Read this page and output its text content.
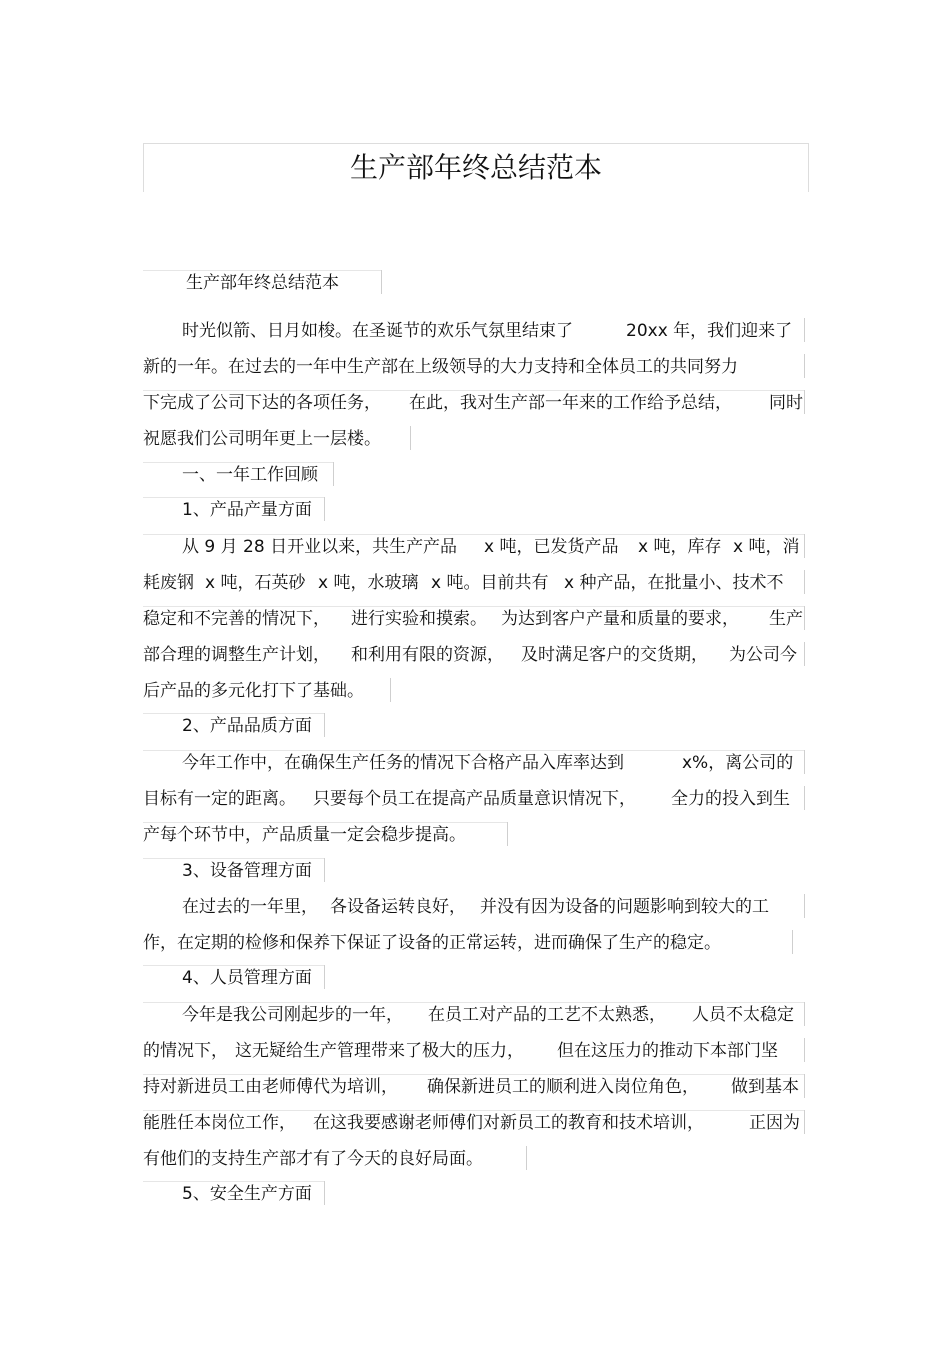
生产部年终总结范本
生产部年终总结范本
时光似箭、日月如梭。在圣诞节的欢乐气氛里结束了	20xx 年，我们迎来了
新的一年。在过去的一年中生产部在上级领导的大力支持和全体员工的共同努力
下完成了公司下达的各项任务， 在此，我对生产部一年来的工作给予总结， 同时
祝愿我们公司明年更上一层楼。
一、一年工作回顾
1、产品产量方面
从 9 月 28 日开业以来，共生产产品 x 吨，已发货产品 x 吨，库存 x 吨，消
耗废钢 x 吨，石英砂 x 吨，水玻璃 x 吨。目前共有 x 种产品，在批量小、技术不
稳定和不完善的情况下， 进行实验和摸索。 为达到客户产量和质量的要求， 生产
部合理的调整生产计划， 和利用有限的资源， 及时满足客户的交货期， 为公司今
后产品的多元化打下了基础。
2、产品品质方面
今年工作中，在确保生产任务的情况下合格产品入库率达到	x%，离公司的
目标有一定的距离。 只要每个员工在提高产品质量意识情况下， 全力的投入到生
产每个环节中，产品质量一定会稳步提高。
3、设备管理方面
在过去的一年里， 各设备运转良好， 并没有因为设备的问题影响到较大的工
作，在定期的检修和保养下保证了设备的正常运转，进而确保了生产的稳定。
4、人员管理方面
今年是我公司刚起步的一年， 在员工对产品的工艺不太熟悉， 人员不太稳定
的情况下， 这无疑给生产管理带来了极大的压力， 但在这压力的推动下本部门坚
持对新进员工由老师傅代为培训， 确保新进员工的顺利进入岗位角色， 做到基本
能胜任本岗位工作， 在这我要感谢老师傅们对新员工的教育和技术培训，	正因为
有他们的支持生产部才有了今天的良好局面。
5、安全生产方面
